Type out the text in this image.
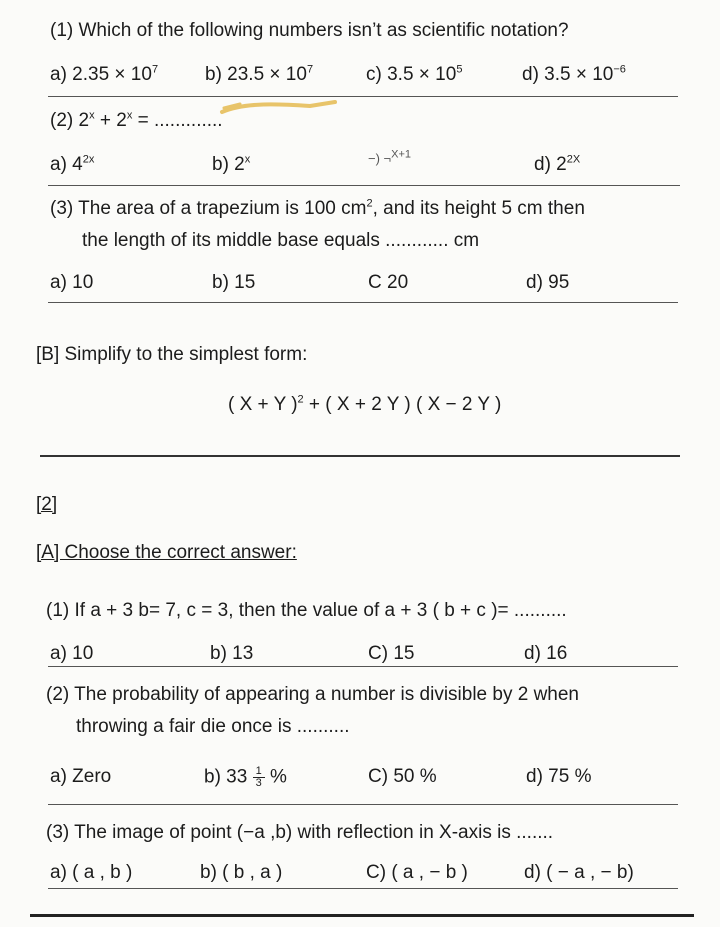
(1) Which of the following numbers isn’t as scientific notation?
a) $2.35 \times 10^7$ b) $23.5 \times 10^7$	c) $3.5 \times 10^5$	d) $3.5 \times 10^{-6}$
(2) $2^x + 2^x$ = .............
a) $4^{2x}$	b) $2^x$	−) ¬$^{X+1}$	d) $2^{2X}$
(3) The area of a trapezium is 100 $cm^2$, and its height 5 cm then
the length of its middle base equals ............ cm
a) 10	b) 15	C 20	d) 95
[B] Simplify to the simplest form:
( X + Y )$^2$ + ( X + 2 Y ) ( X − 2 Y )
[2]
[A] Choose the correct answer:
(1) If a + 3 b= 7, c = 3, then the value of a + 3 ( b + c )= ..........
a) 10	b) 13	C) 15	d) 16
(2) The probability of appearing a number is divisible by 2 when
throwing a fair die once is ..........
a) Zero	b) $33 \frac{1}{3}$ %	C) 50 %	d) 75 %
(3) The image of point (−a ,b) with reflection in X-axis is .......
a) ( a , b )	b) ( b , a )	C) ( a , − b )	d) ( − a , − b)
